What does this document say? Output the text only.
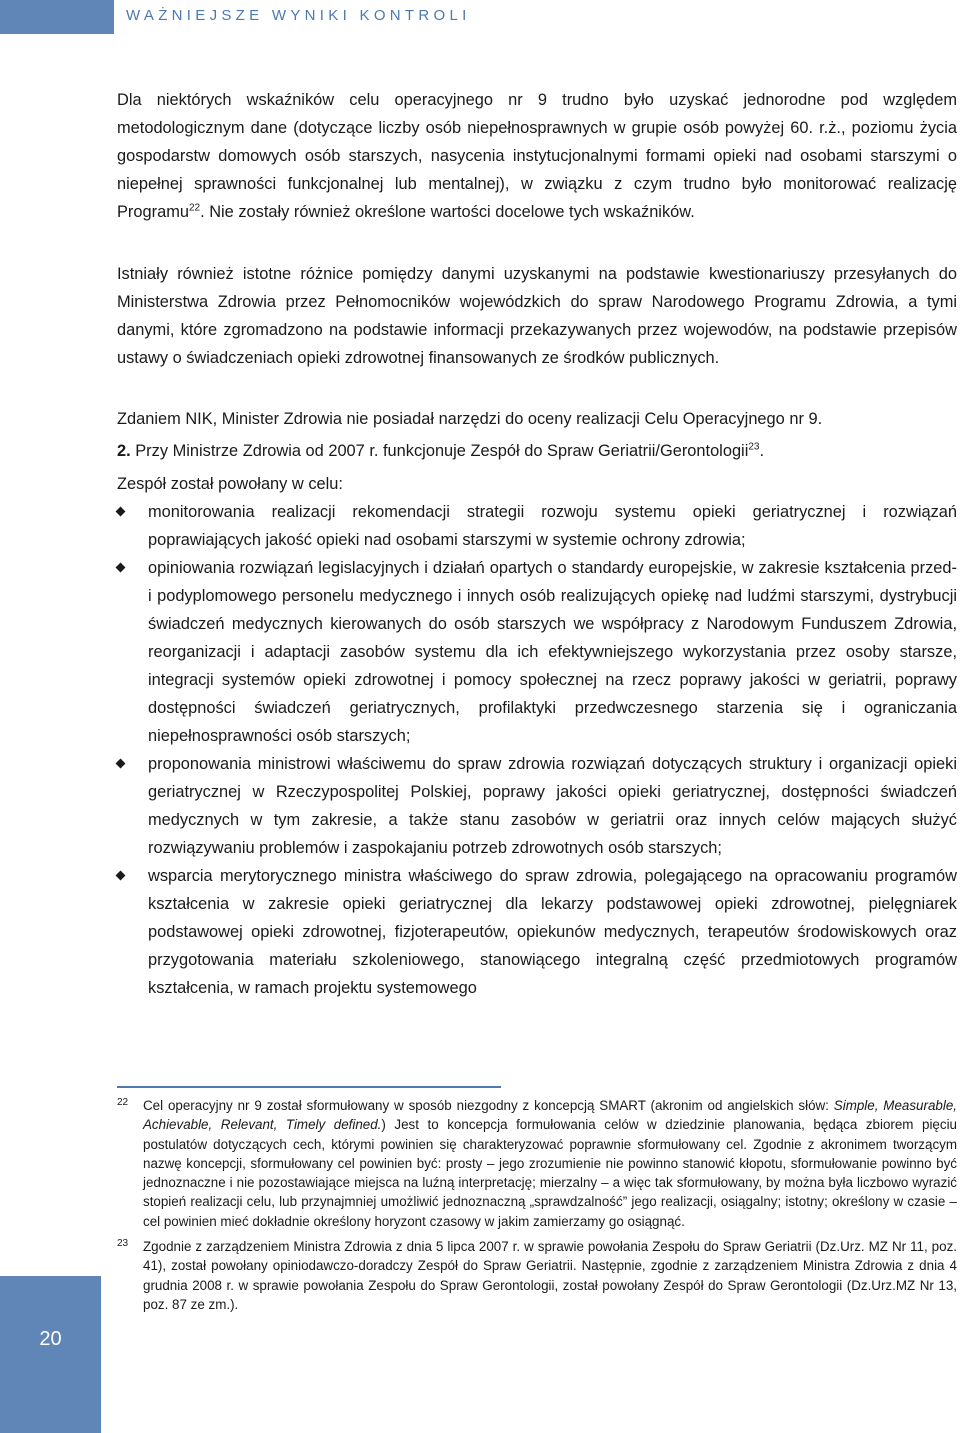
WAŻNIEJSZE WYNIKI KONTROLI

Dla niektórych wskaźników celu operacyjnego nr 9 trudno było uzyskać jednorodne pod względem metodologicznym dane (dotyczące liczby osób niepełnosprawnych w grupie osób powyżej 60. r.ż., poziomu życia gospodarstw domowych osób starszych, nasycenia instytucjonalnymi formami opieki nad osobami starszymi o niepełnej sprawności funkcjonalnej lub mentalnej), w związku z czym trudno było monitorować realizację Programu$^{22}$. Nie zostały również określone wartości docelowe tych wskaźników.

Istniały również istotne różnice pomiędzy danymi uzyskanymi na podstawie kwestionariuszy przesyłanych do Ministerstwa Zdrowia przez Pełnomocników wojewódzkich do spraw Narodowego Programu Zdrowia, a tymi danymi, które zgromadzono na podstawie informacji przekazywanych przez wojewodów, na podstawie przepisów ustawy o świadczeniach opieki zdrowotnej finansowanych ze środków publicznych.

Zdaniem NIK, Minister Zdrowia nie posiadał narzędzi do oceny realizacji Celu Operacyjnego nr 9.

2. Przy Ministrze Zdrowia od 2007 r. funkcjonuje Zespół do Spraw Geriatrii/Gerontologii$^{23}$.

Zespół został powołany w celu:

monitorowania realizacji rekomendacji strategii rozwoju systemu opieki geriatrycznej i rozwiązań poprawiających jakość opieki nad osobami starszymi w systemie ochrony zdrowia;
opiniowania rozwiązań legislacyjnych i działań opartych o standardy europejskie, w zakresie kształcenia przed- i podyplomowego personelu medycznego i innych osób realizujących opiekę nad ludźmi starszymi, dystrybucji świadczeń medycznych kierowanych do osób starszych we współpracy z Narodowym Funduszem Zdrowia, reorganizacji i adaptacji zasobów systemu dla ich efektywniejszego wykorzystania przez osoby starsze, integracji systemów opieki zdrowotnej i pomocy społecznej na rzecz poprawy jakości w geriatrii, poprawy dostępności świadczeń geriatrycznych, profilaktyki przedwczesnego starzenia się i ograniczania niepełnosprawności osób starszych;
proponowania ministrowi właściwemu do spraw zdrowia rozwiązań dotyczących struktury i organizacji opieki geriatrycznej w Rzeczypospolitej Polskiej, poprawy jakości opieki geriatrycznej, dostępności świadczeń medycznych w tym zakresie, a także stanu zasobów w geriatrii oraz innych celów mających służyć rozwiązywaniu problemów i zaspokajaniu potrzeb zdrowotnych osób starszych;
wsparcia merytorycznego ministra właściwego do spraw zdrowia, polegającego na opracowaniu programów kształcenia w zakresie opieki geriatrycznej dla lekarzy podstawowej opieki zdrowotnej, pielęgniarek podstawowej opieki zdrowotnej, fizjoterapeutów, opiekunów medycznych, terapeutów środowiskowych oraz przygotowania materiału szkoleniowego, stanowiącego integralną część przedmiotowych programów kształcenia, w ramach projektu systemowego

22 Cel operacyjny nr 9 został sformułowany w sposób niezgodny z koncepcją SMART (akronim od angielskich słów: Simple, Measurable, Achievable, Relevant, Timely defined.) Jest to koncepcja formułowania celów w dziedzinie planowania, będąca zbiorem pięciu postulatów dotyczących cech, którymi powinien się charakteryzować poprawnie sformułowany cel. Zgodnie z akronimem tworzącym nazwę koncepcji, sformułowany cel powinien być: prosty – jego zrozumienie nie powinno stanowić kłopotu, sformułowanie powinno być jednoznaczne i nie pozostawiające miejsca na luźną interpretację; mierzalny – a więc tak sformułowany, by można była liczbowo wyrazić stopień realizacji celu, lub przynajmniej umożliwić jednoznaczną „sprawdzalność” jego realizacji, osiągalny; istotny; określony w czasie – cel powinien mieć dokładnie określony horyzont czasowy w jakim zamierzamy go osiągnąć.

23 Zgodnie z zarządzeniem Ministra Zdrowia z dnia 5 lipca 2007 r. w sprawie powołania Zespołu do Spraw Geriatrii (Dz.Urz. MZ Nr 11, poz. 41), został powołany opiniodawczo-doradczy Zespół do Spraw Geriatrii. Następnie, zgodnie z zarządzeniem Ministra Zdrowia z dnia 4 grudnia 2008 r. w sprawie powołania Zespołu do Spraw Gerontologii, został powołany Zespół do Spraw Gerontologii (Dz.Urz.MZ Nr 13, poz. 87 ze zm.).

20
